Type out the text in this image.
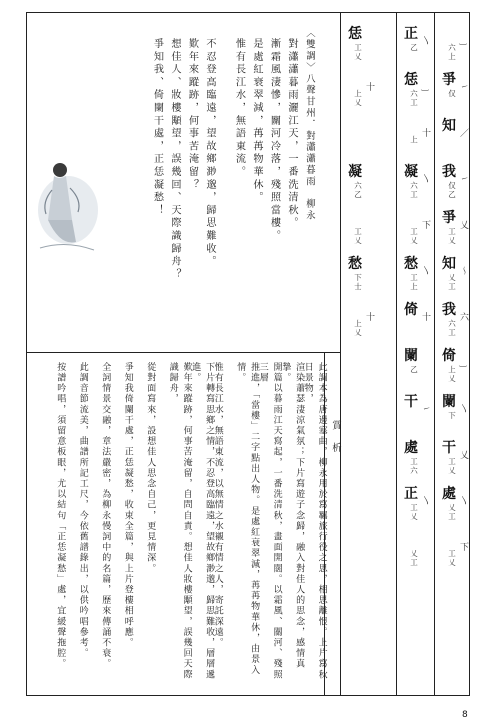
〈雙調〉八聲甘州．對瀟瀟暮雨　柳永
對瀟瀟暮雨灑江天，一番洗清秋。
漸霜風淒慘，關河冷落，殘照當樓。
是處紅衰翠減，苒苒物華休。
惟有長江水，無語東流。
不忍登高臨遠，望故鄉渺邈，歸思難收。
歎年來蹤跡，何事苦淹留？
想佳人、妝樓顒望，誤幾回、天際識歸舟？
爭知我、倚闌干處，正恁凝愁！
賞　析
此調本為唐邊塞曲，柳永用於寫羈旅行役之思，相思離恨。上片寫秋日景物，
渲染蕭瑟淒涼氣氛；下片寫遊子念歸，融入對佳人的思念，感情真摯。
開篇以暮雨江天寫起，一番洗清秋，畫面開闊。以霜風、關河、殘照三層
推進，「當樓」二字點出人物。是處紅衰翠減，苒苒物華休，由景入情。
惟有長江水，無語東流，以無情之水襯有情之人，寄託深遠。
下片轉寫思鄉之情，不忍登高臨遠，望故鄉渺邈，歸思難收，層層遞進。
歎年來蹤跡，何事苦淹留，自問自責。想佳人妝樓顒望，誤幾回天際識歸舟，
從對面寫來，設想佳人思念自己，更見情深。
爭知我倚闌干處，正恁凝愁，收束全篇，與上片登樓相呼應。
全詞情景交融，章法嚴密，為柳永慢詞中的名篇，歷來傳誦不衰。
此調音節流美，曲譜所記工尺，今依舊譜錄出，以供吟唱參考。
按譜吟唱，須留意板眼，尤以結句「正恁凝愁」處，宜緩聲拖腔。
六上
‿
爭
仅
㇀
知 ／
我
仅乙
㇀
爭
工乂
乂
知
乂工
〜
我
六工
六
倚
上乂
‿
闌
下
〵
干
工乂
乂
處
乂工
〵
工乂
下
正
乙
〵
恁
六工
‿
上
十
凝
六工
〵
工乂
下
愁
工上
〵
倚 十
闌
乙
干 ㇀
處
工六
正
工乂
〵
乂工
恁
工乂
上乂
十
凝
六乙
工乂
愁
下士
上乂
十
8
